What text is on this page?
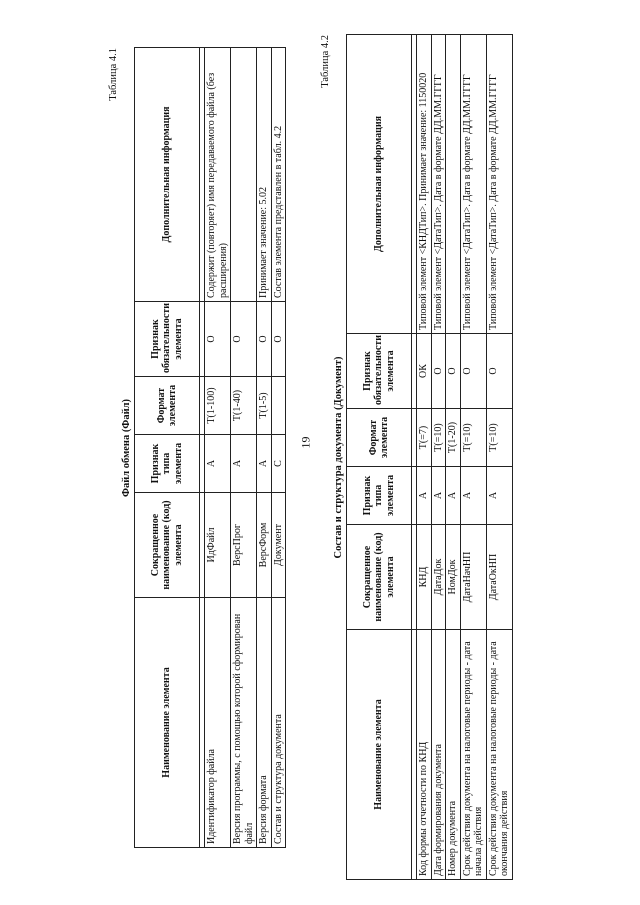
19
Таблица 4.1
Файл обмена (Файл)
Наименование элемента	Сокращенное наименование (код) элемента	Признак типа элемента	Формат элемента	Признак обязательности элемента	Дополнительная информация

Идентификатор файла	ИдФайл	А	T(1-100)	О	Содержит (повторяет) имя передаваемого файла (без расширения)
Версия программы, с помощью которой сформирован файл	ВерсПрог	А	T(1-40)	О	
Версия формата	ВерсФорм	А	T(1-5)	О	Принимает значение: 5.02
Состав и структура документа	Документ	С		О	Состав элемента представлен в табл. 4.2
Таблица 4.2
Состав и структура документа (Документ)
Наименование элемента	Сокращенное наименование (код) элемента	Признак типа элемента	Формат элемента	Признак обязательности элемента	Дополнительная информация

Код формы отчетности по КНД	КНД	А	T(=7)	ОК	Типовой элемент <КНДТип>. Принимает значение: 1150020
Дата формирования документа	ДатаДок	А	T(=10)	О	Типовой элемент <ДатаТип>. Дата в формате ДД.ММ.ГГГГ
Номер документа	НомДок	А	T(1-20)	О	
Срок действия документа на налоговые периоды - дата начала действия	ДатаНачНП	А	T(=10)	О	Типовой элемент <ДатаТип>. Дата в формате ДД.ММ.ГГГГ
Срок действия документа на налоговые периоды - дата окончания действия	ДатаОкНП	А	T(=10)	О	Типовой элемент <ДатаТип>. Дата в формате ДД.ММ.ГГГГ
